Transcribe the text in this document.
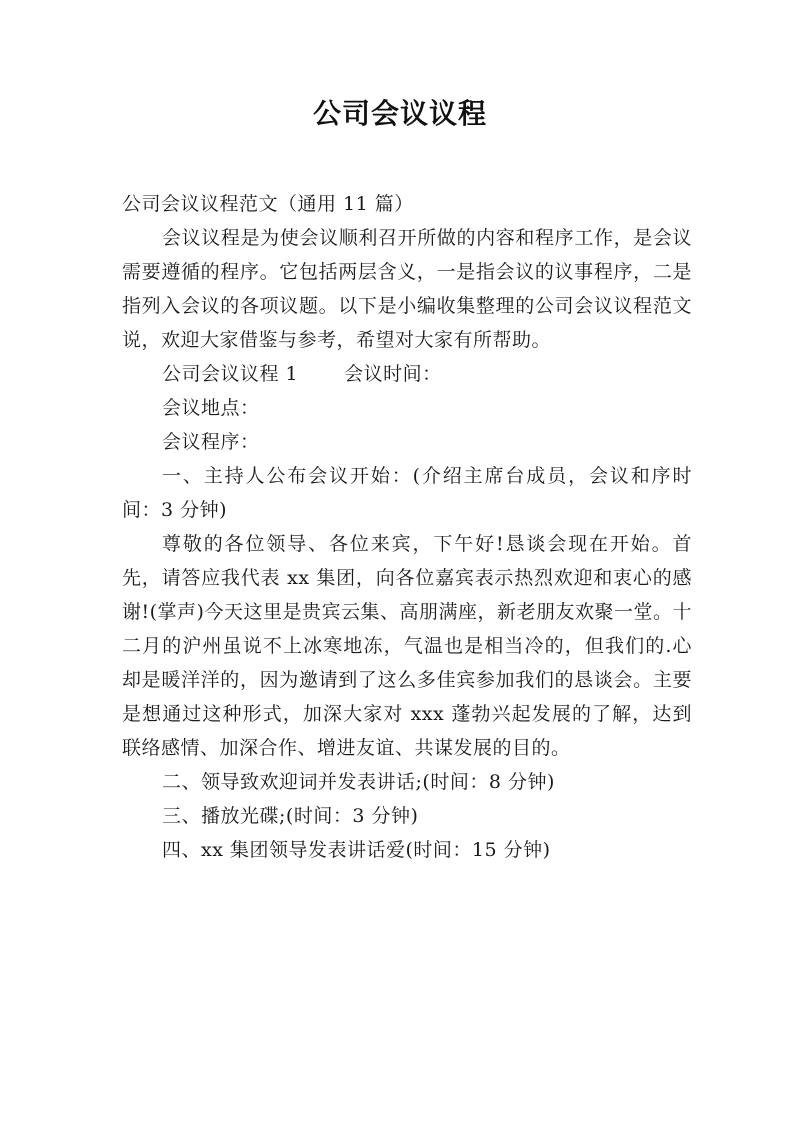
公司会议议程

公司会议议程范文（通用 11 篇）

会议议程是为使会议顺利召开所做的内容和程序工作，是会议需要遵循的程序。它包括两层含义，一是指会议的议事程序，二是指列入会议的各项议题。以下是小编收集整理的公司会议议程范文说，欢迎大家借鉴与参考，希望对大家有所帮助。

公司会议议程 1 会议时间：

会议地点：

会议程序：

一、主持人公布会议开始：(介绍主席台成员，会议和序时间：3 分钟)

尊敬的各位领导、各位来宾，下午好!恳谈会现在开始。首先，请答应我代表 xx 集团，向各位嘉宾表示热烈欢迎和衷心的感谢!(掌声)今天这里是贵宾云集、高朋满座，新老朋友欢聚一堂。十二月的沪州虽说不上冰寒地冻，气温也是相当冷的，但我们的.心却是暖洋洋的，因为邀请到了这么多佳宾参加我们的恳谈会。主要是想通过这种形式，加深大家对 xxx 蓬勃兴起发展的了解，达到联络感情、加深合作、增进友谊、共谋发展的目的。

二、领导致欢迎词并发表讲话;(时间：8 分钟)

三、播放光碟;(时间：3 分钟)

四、xx 集团领导发表讲话爱(时间：15 分钟)
